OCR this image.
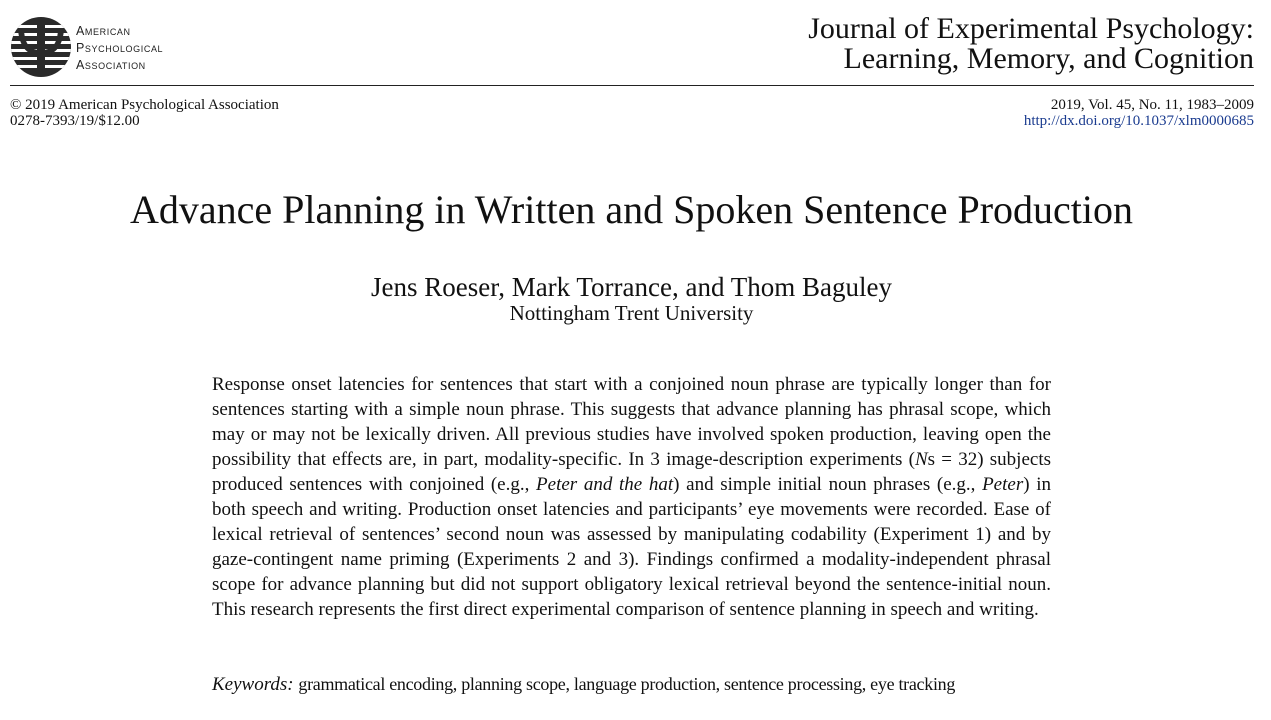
American
Psychological
Association
Journal of Experimental Psychology:
Learning, Memory, and Cognition
© 2019 American Psychological Association
0278-7393/19/$12.00
2019, Vol. 45, No. 11, 1983–2009
http://dx.doi.org/10.1037/xlm0000685
Advance Planning in Written and Spoken Sentence Production
Jens Roeser, Mark Torrance, and Thom Baguley
Nottingham Trent University

Response onset latencies for sentences that start with a conjoined noun phrase are typically longer than for sentences starting with a simple noun phrase. This suggests that advance planning has phrasal scope, which may or may not be lexically driven. All previous studies have involved spoken production, leaving open the possibility that effects are, in part, modality-specific. In 3 image-description experiments (Ns = 32) subjects produced sentences with conjoined (e.g., Peter and the hat) and simple initial noun phrases (e.g., Peter) in both speech and writing. Production onset latencies and participants’ eye movements were recorded. Ease of lexical retrieval of sentences’ second noun was assessed by manipulating codability (Experiment 1) and by gaze-contingent name priming (Experiments 2 and 3). Findings confirmed a modality-independent phrasal scope for advance planning but did not support obligatory lexical retrieval beyond the sentence-initial noun. This research represents the first direct experimental comparison of sentence planning in speech and writing.

Keywords: grammatical encoding, planning scope, language production, sentence processing, eye tracking
